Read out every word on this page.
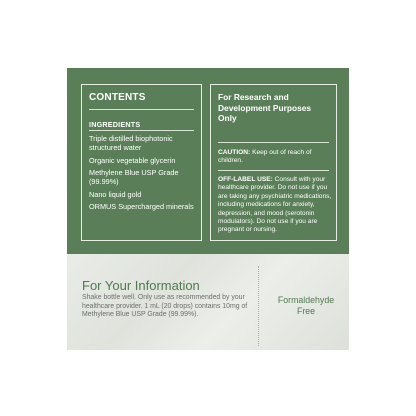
CONTENTS
INGREDIENTS
Triple distilled biophotonic structured water
Organic vegetable glycerin
Methylene Blue USP Grade (99.99%)
Nano liquid gold
ORMUS Supercharged minerals
For Research and Development Purposes Only
CAUTION: Keep out of reach of children.
OFF-LABEL USE: Consult with your healthcare provider. Do not use if you are taking any psychiatric medications, including medications for anxiety, depression, and mood (serotonin modulators). Do not use if you are pregnant or nursing.
For Your Information
Shake bottle well. Only use as recommended by your healthcare provider. 1 mL (20 drops) contains 10mg of Methylene Blue USP Grade (99.99%).
Formaldehyde
Free
